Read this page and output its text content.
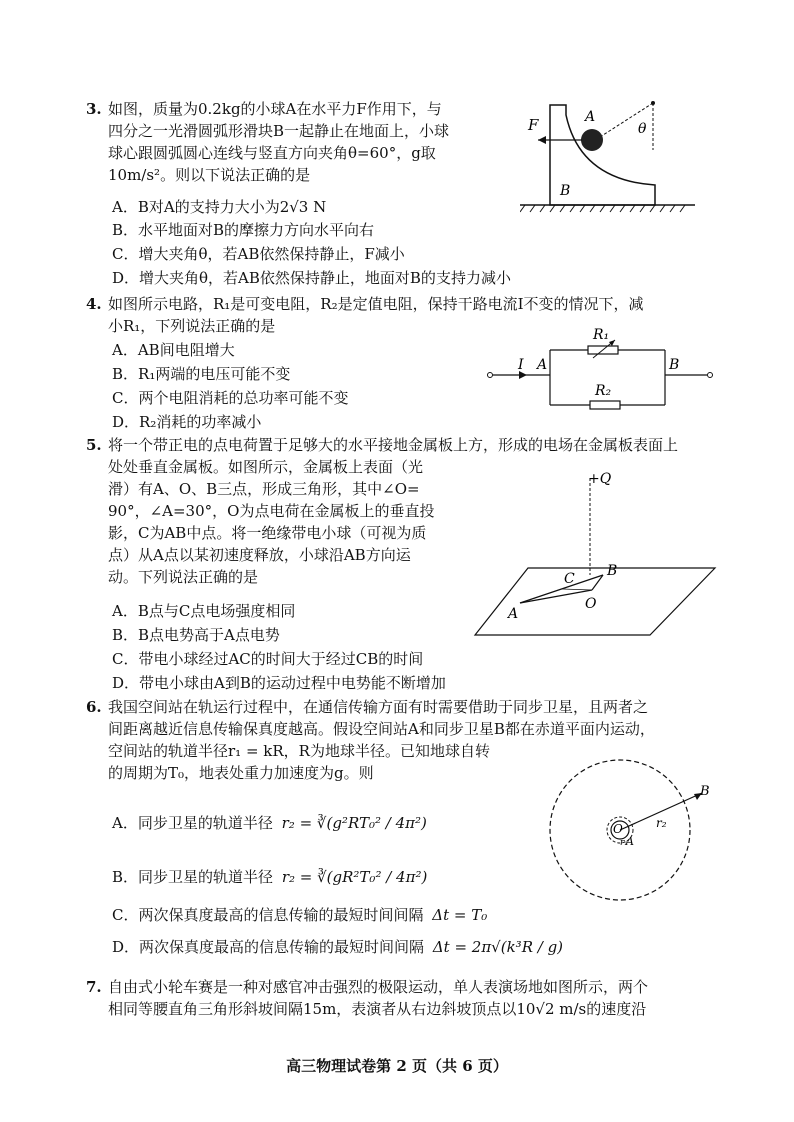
3. 如图，质量为0.2kg的小球A在水平力F作用下，与
四分之一光滑圆弧形滑块B一起静止在地面上，小球
球心跟圆弧圆心连线与竖直方向夹角θ=60°，g取
10m/s²。则以下说法正确的是
A．B对A的支持力大小为2√3 N
B．水平地面对B的摩擦力方向水平向右
C．增大夹角θ，若AB依然保持静止，F减小
D．增大夹角θ，若AB依然保持静止，地面对B的支持力减小
F	A
B
θ
4. 如图所示电路，R₁是可变电阻，R₂是定值电阻，保持干路电流I不变的情况下，减
小R₁，下列说法正确的是
A．AB间电阻增大
B．R₁两端的电压可能不变
C．两个电阻消耗的总功率可能不变
D．R₂消耗的功率减小
I A
R₁
R₂
B
5. 将一个带正电的点电荷置于足够大的水平接地金属板上方，形成的电场在金属板表面上
处处垂直金属板。如图所示，金属板上表面（光
滑）有A、O、B三点，形成三角形，其中∠O=
90°，∠A=30°，O为点电荷在金属板上的垂直投
影，C为AB中点。将一绝缘带电小球（可视为质
点）从A点以某初速度释放，小球沿AB方向运
动。下列说法正确的是
A．B点与C点电场强度相同
B．B点电势高于A点电势
C．带电小球经过AC的时间大于经过CB的时间
D．带电小球由A到B的运动过程中电势能不断增加
+Q
A
B
C
O
6. 我国空间站在轨运行过程中，在通信传输方面有时需要借助于同步卫星，且两者之
间距离越近信息传输保真度越高。假设空间站A和同步卫星B都在赤道平面内运动，
空间站的轨道半径r₁ = kR，R为地球半径。已知地球自转
的周期为T₀，地表处重力加速度为g。则
A．同步卫星的轨道半径 r₂ = ∛(g²RT₀² / 4π²)
B．同步卫星的轨道半径 r₂ = ∛(gR²T₀² / 4π²)
C．两次保真度最高的信息传输的最短时间间隔 Δt = T₀
D．两次保真度最高的信息传输的最短时间间隔 Δt = 2π√(k³R / g)
O
A
r₁
r₂
B
7. 自由式小轮车赛是一种对感官冲击强烈的极限运动，单人表演场地如图所示，两个
相同等腰直角三角形斜坡间隔15m，表演者从右边斜坡顶点以10√2 m/s的速度沿
高三物理试卷第 2 页（共 6 页）
